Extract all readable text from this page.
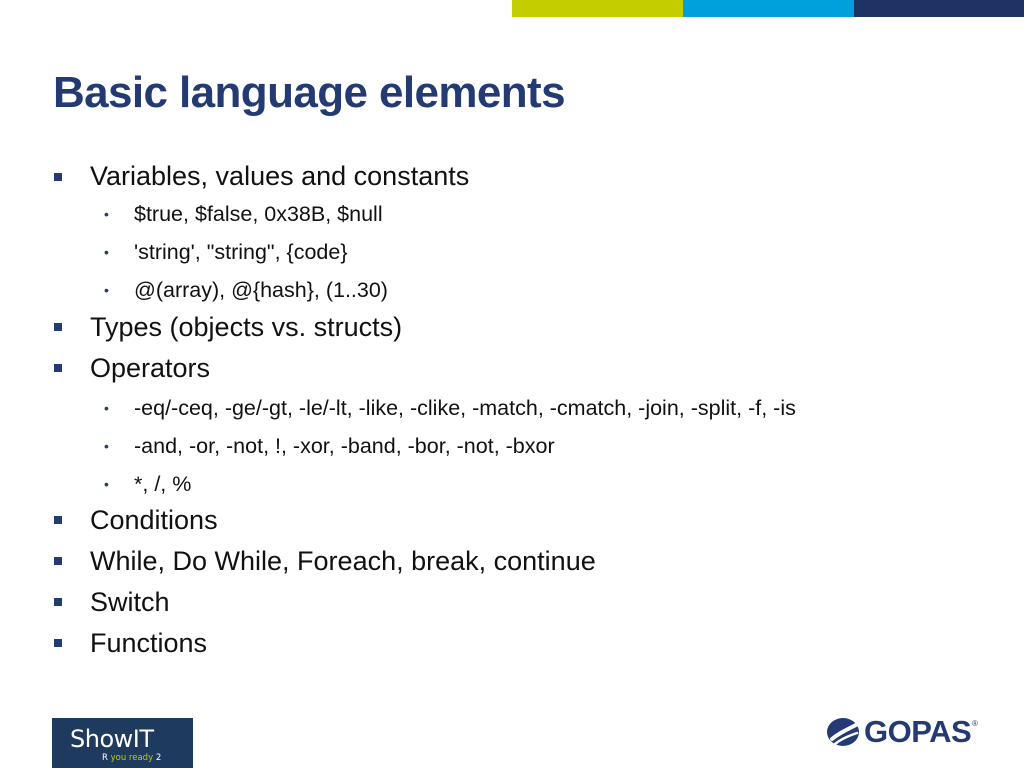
Basic language elements
Variables, values and constants
• $true, $false, 0x38B, $null
• 'string', "string", {code}
• @(array), @{hash}, (1..30)
Types (objects vs. structs)
Operators
• -eq/-ceq, -ge/-gt, -le/-lt, -like, -clike, -match, -cmatch, -join, -split, -f, -is
• -and, -or, -not, !, -xor, -band, -bor, -not, -bxor
• *, /, %
Conditions
While, Do While, Foreach, break, continue
Switch
Functions
ShowIT
R you ready 2
GOPAS ®
